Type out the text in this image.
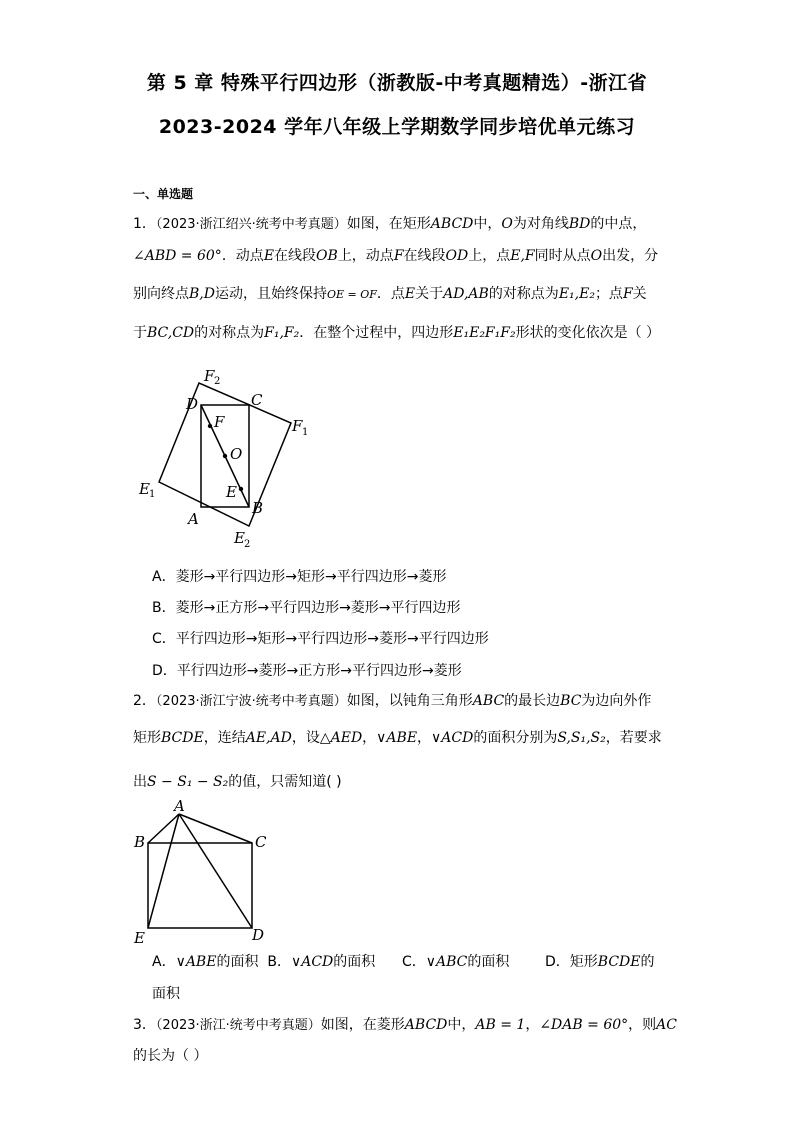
第 5 章 特殊平行四边形（浙教版-中考真题精选）-浙江省
2023-2024 学年八年级上学期数学同步培优单元练习
一、单选题
1．（2023·浙江绍兴·统考中考真题）如图，在矩形ABCD中，O为对角线BD的中点，
∠ABD = 60°．动点E在线段OB上，动点F在线段OD上，点E,F同时从点O出发，分
别向终点B,D运动，且始终保持OE = OF．点E关于AD,AB的对称点为E₁,E₂；点F关
于BC,CD的对称点为F₁,F₂．在整个过程中，四边形E₁E₂F₁F₂形状的变化依次是（ ）
F 2
D	C
F	F 1
O
E 1	E
A
B
E 2
A．菱形→平行四边形→矩形→平行四边形→菱形
B．菱形→正方形→平行四边形→菱形→平行四边形
C．平行四边形→矩形→平行四边形→菱形→平行四边形
D．平行四边形→菱形→正方形→平行四边形→菱形
2．（2023·浙江宁波·统考中考真题）如图，以钝角三角形ABC的最长边BC为边向外作
矩形BCDE，连结AE,AD，设△AED，∨ABE，∨ACD的面积分别为S,S₁,S₂，若要求
出S − S₁ − S₂的值，只需知道( )
A
B	C
E	D
A．∨ABE的面积 B．∨ACD的面积 C．∨ABC的面积	D．矩形BCDE的
面积
3．（2023·浙江·统考中考真题）如图，在菱形ABCD中，AB = 1，∠DAB = 60°，则AC
的长为（ ）
